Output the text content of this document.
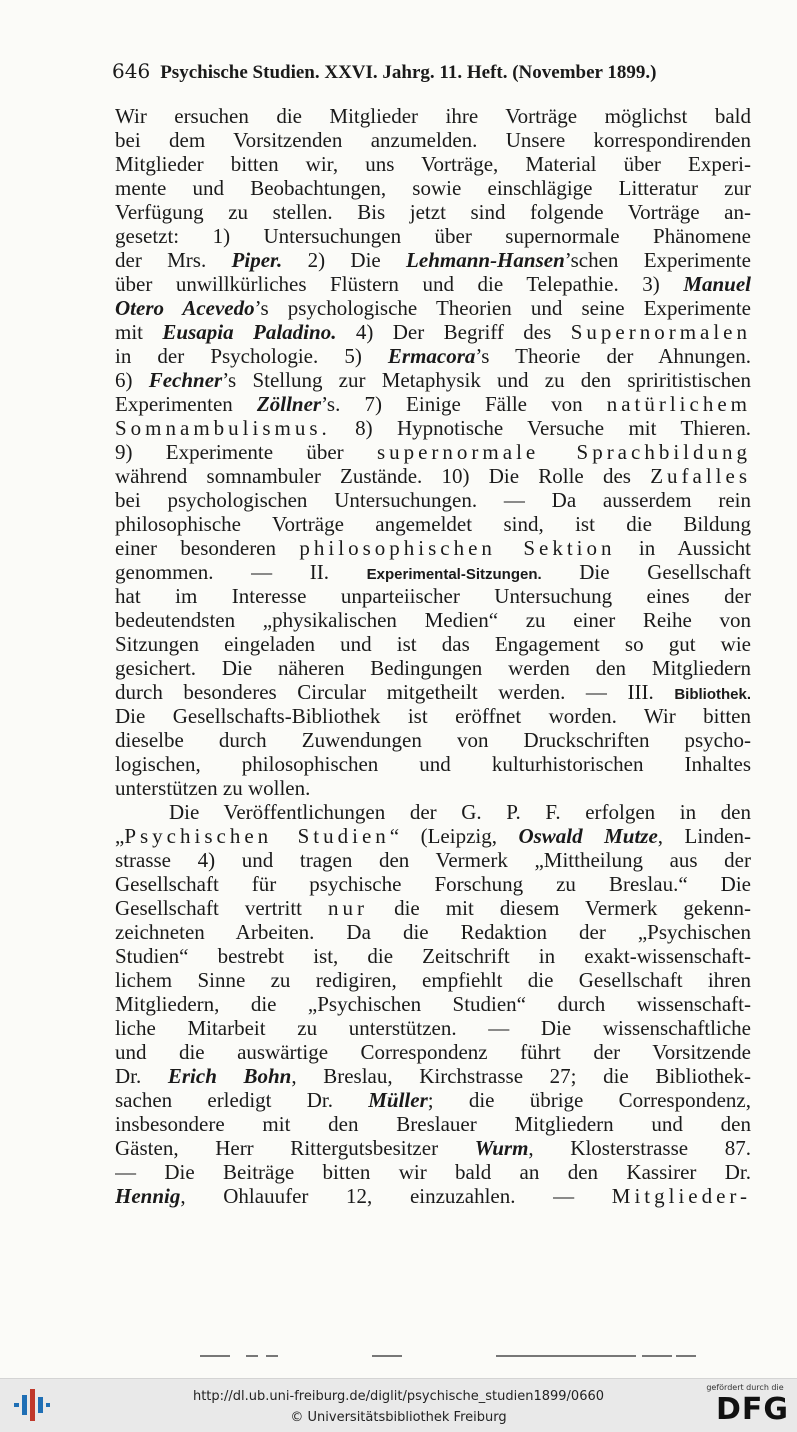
646 Psychische Studien. XXVI. Jahrg. 11. Heft. (November 1899.)
Wir ersuchen die Mitglieder ihre Vorträge möglichst bald
bei dem Vorsitzenden anzumelden. Unsere korrespondirenden
Mitglieder bitten wir, uns Vorträge, Material über Experi-
mente und Beobachtungen, sowie einschlägige Litteratur zur
Verfügung zu stellen. Bis jetzt sind folgende Vorträge an-
gesetzt: 1) Untersuchungen über supernormale Phänomene
der Mrs. Piper. 2) Die Lehmann-Hansen’schen Experimente
über unwillkürliches Flüstern und die Telepathie. 3) Manuel
Otero Acevedo’s psychologische Theorien und seine Experimente
mit Eusapia Paladino. 4) Der Begriff des Supernormalen
in der Psychologie. 5) Ermacora’s Theorie der Ahnungen.
6) Fechner’s Stellung zur Metaphysik und zu den spriritistischen
Experimenten Zöllner’s. 7) Einige Fälle von natürlichem
Somnambulismus. 8) Hypnotische Versuche mit Thieren.
9) Experimente über supernormale Sprachbildung
während somnambuler Zustände. 10) Die Rolle des Zufalles
bei psychologischen Untersuchungen. — Da ausserdem rein
philosophische Vorträge angemeldet sind, ist die Bildung
einer besonderen philosophischen Sektion in Aussicht
genommen. — II. Experimental-Sitzungen. Die Gesellschaft
hat im Interesse unparteiischer Untersuchung eines der
bedeutendsten „physikalischen Medien“ zu einer Reihe von
Sitzungen eingeladen und ist das Engagement so gut wie
gesichert. Die näheren Bedingungen werden den Mitgliedern
durch besonderes Circular mitgetheilt werden. — III. Bibliothek.
Die Gesellschafts-Bibliothek ist eröffnet worden. Wir bitten
dieselbe durch Zuwendungen von Druckschriften psycho-
logischen, philosophischen und kulturhistorischen Inhaltes
unterstützen zu wollen.
Die Veröffentlichungen der G. P. F. erfolgen in den
„Psychischen Studien“ (Leipzig, Oswald Mutze, Linden-
strasse 4) und tragen den Vermerk „Mittheilung aus der
Gesellschaft für psychische Forschung zu Breslau.“ Die
Gesellschaft vertritt nur die mit diesem Vermerk gekenn-
zeichneten Arbeiten. Da die Redaktion der „Psychischen
Studien“ bestrebt ist, die Zeitschrift in exakt-wissenschaft-
lichem Sinne zu redigiren, empfiehlt die Gesellschaft ihren
Mitgliedern, die „Psychischen Studien“ durch wissenschaft-
liche Mitarbeit zu unterstützen. — Die wissenschaftliche
und die auswärtige Correspondenz führt der Vorsitzende
Dr. Erich Bohn, Breslau, Kirchstrasse 27; die Bibliothek-
sachen erledigt Dr. Müller; die übrige Correspondenz,
insbesondere mit den Breslauer Mitgliedern und den
Gästen, Herr Rittergutsbesitzer Wurm, Klosterstrasse 87.
— Die Beiträge bitten wir bald an den Kassirer Dr.
Hennig, Ohlauufer 12, einzuzahlen. — Mitglieder-
http://dl.ub.uni-freiburg.de/diglit/psychische_studien1899/0660
© Universitätsbibliothek Freiburg
gefördert durch die
DFG
